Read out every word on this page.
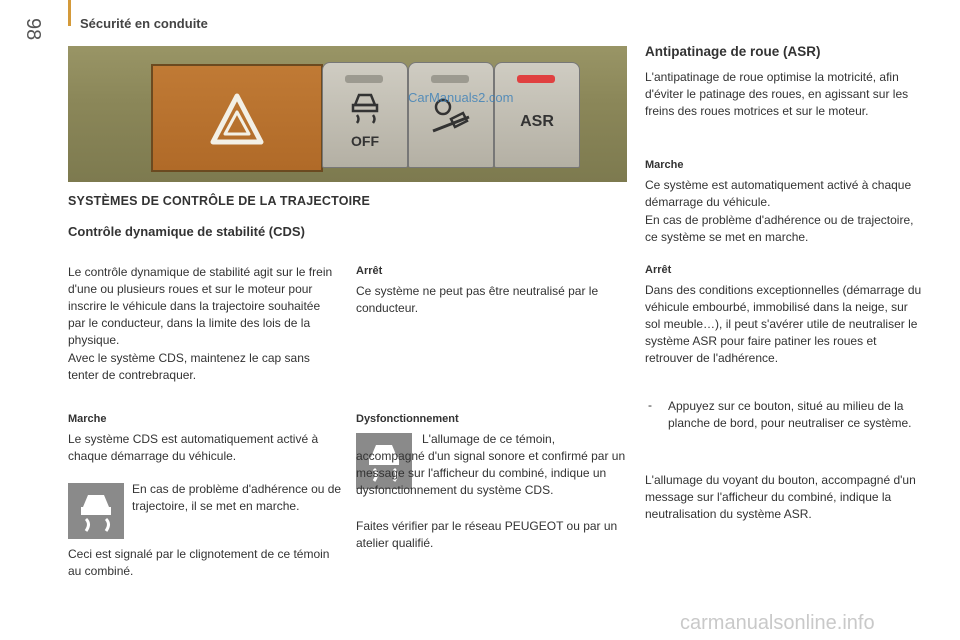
98	Sécurité en conduite
OFF
ASR
CarManuals2.com
SYSTÈMES DE CONTRÔLE DE LA TRAJECTOIRE
Contrôle dynamique de stabilité (CDS)

Le contrôle dynamique de stabilité agit sur le frein d'une ou plusieurs roues et sur le moteur pour inscrire le véhicule dans la trajectoire souhaitée par le conducteur, dans la limite des lois de la physique.

Avec le système CDS, maintenez le cap sans tenter de contrebraquer.

Marche

Le système CDS est automatiquement activé à chaque démarrage du véhicule.

En cas de problème d'adhérence ou de trajectoire, il se met en marche.

Ceci est signalé par le clignotement de ce témoin au combiné.

Arrêt

Ce système ne peut pas être neutralisé par le conducteur.

Dysfonctionnement

L'allumage de ce témoin, accompagné d'un signal sonore et confirmé par un message sur l'afficheur du combiné, indique un dysfonctionnement du système CDS.

Faites vérifier par le réseau PEUGEOT ou par un atelier qualifié.

Antipatinage de roue (ASR)

L'antipatinage de roue optimise la motricité, afin d'éviter le patinage des roues, en agissant sur les freins des roues motrices et sur le moteur.

Marche

Ce système est automatiquement activé à chaque démarrage du véhicule.

En cas de problème d'adhérence ou de trajectoire, ce système se met en marche.

Arrêt

Dans des conditions exceptionnelles (démarrage du véhicule embourbé, immobilisé dans la neige, sur sol meuble…), il peut s'avérer utile de neutraliser le système ASR pour faire patiner les roues et retrouver de l'adhérence.

- Appuyez sur ce bouton, situé au milieu de la planche de bord, pour neutraliser ce système.

L'allumage du voyant du bouton, accompagné d'un message sur l'afficheur du combiné, indique la neutralisation du système ASR.

carmanualsonline.info
